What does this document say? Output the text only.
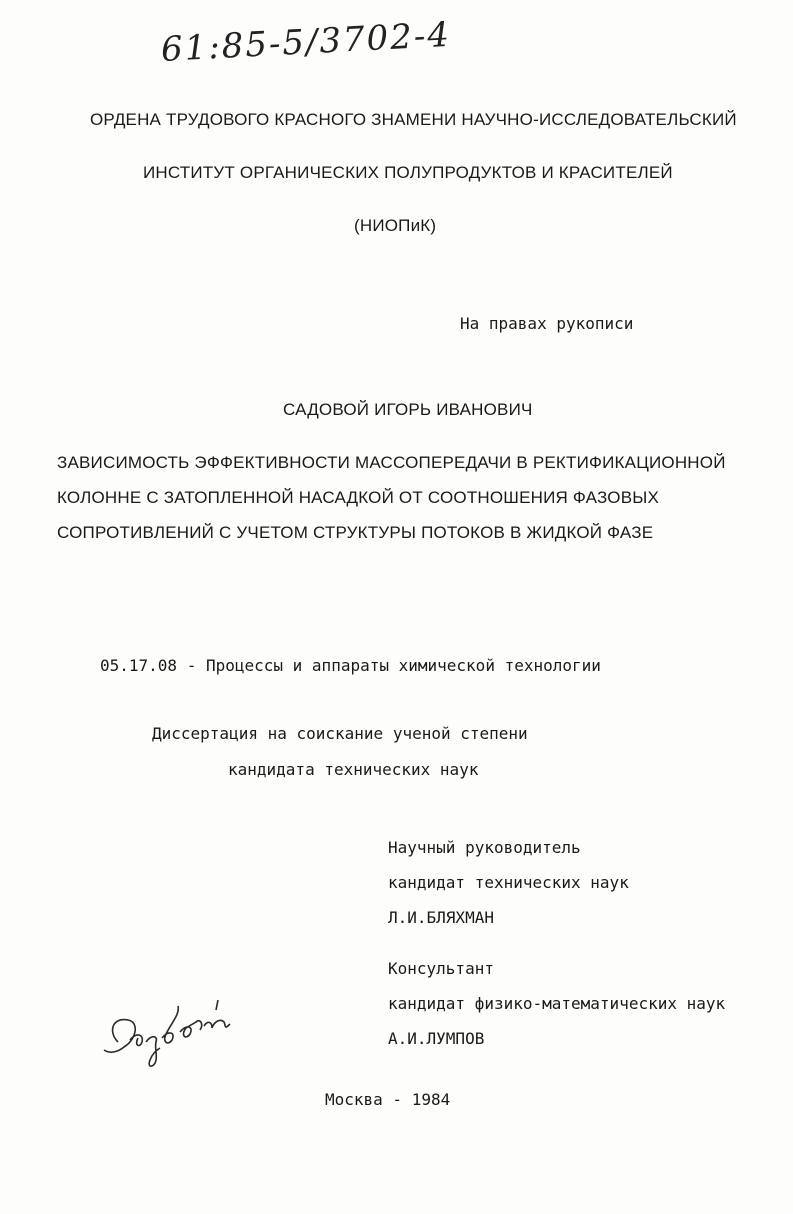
61:85-5/3702-4
ОРДЕНА ТРУДОВОГО КРАСНОГО ЗНАМЕНИ НАУЧНО-ИССЛЕДОВАТЕЛЬСКИЙ
ИНСТИТУТ ОРГАНИЧЕСКИХ ПОЛУПРОДУКТОВ И КРАСИТЕЛЕЙ
(НИОПиК)
На правах рукописи
САДОВОЙ ИГОРЬ ИВАНОВИЧ
ЗАВИСИМОСТЬ ЭФФЕКТИВНОСТИ МАССОПЕРЕДАЧИ В РЕКТИФИКАЦИОННОЙ
КОЛОННЕ С ЗАТОПЛЕННОЙ НАСАДКОЙ ОТ СООТНОШЕНИЯ ФАЗОВЫХ
СОПРОТИВЛЕНИЙ С УЧЕТОМ СТРУКТУРЫ ПОТОКОВ В ЖИДКОЙ ФАЗЕ
05.17.08 - Процессы и аппараты химической технологии
Диссертация на соискание ученой степени
кандидата технических наук
Научный руководитель
кандидат технических наук
Л.И.БЛЯХМАН
Консультант
кандидат физико-математических наук
А.И.ЛУМПОВ
Москва - 1984
